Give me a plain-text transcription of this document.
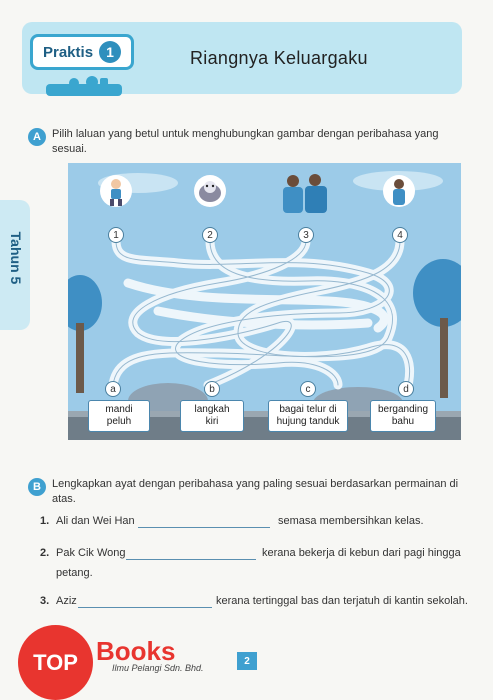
Praktis 1	Riangnya Keluargaku
Tahun 5
A	Pilih laluan yang betul untuk menghubungkan gambar dengan peribahasa yang sesuai.
1	2	3	4
a	b	c	d
mandi
peluh
langkah
kiri
bagai telur di
hujung tanduk
berganding
bahu
B	Lengkapkan ayat dengan peribahasa yang paling sesuai berdasarkan permainan di atas.
1. Ali dan Wei Han	semasa membersihkan kelas.
2. Pak Cik Wong	kerana bekerja di kebun dari pagi hingga
petang.
3. Aziz	kerana tertinggal bas dan terjatuh di kantin sekolah.
2
TOP Books
Ilmu Pelangi Sdn. Bhd.
